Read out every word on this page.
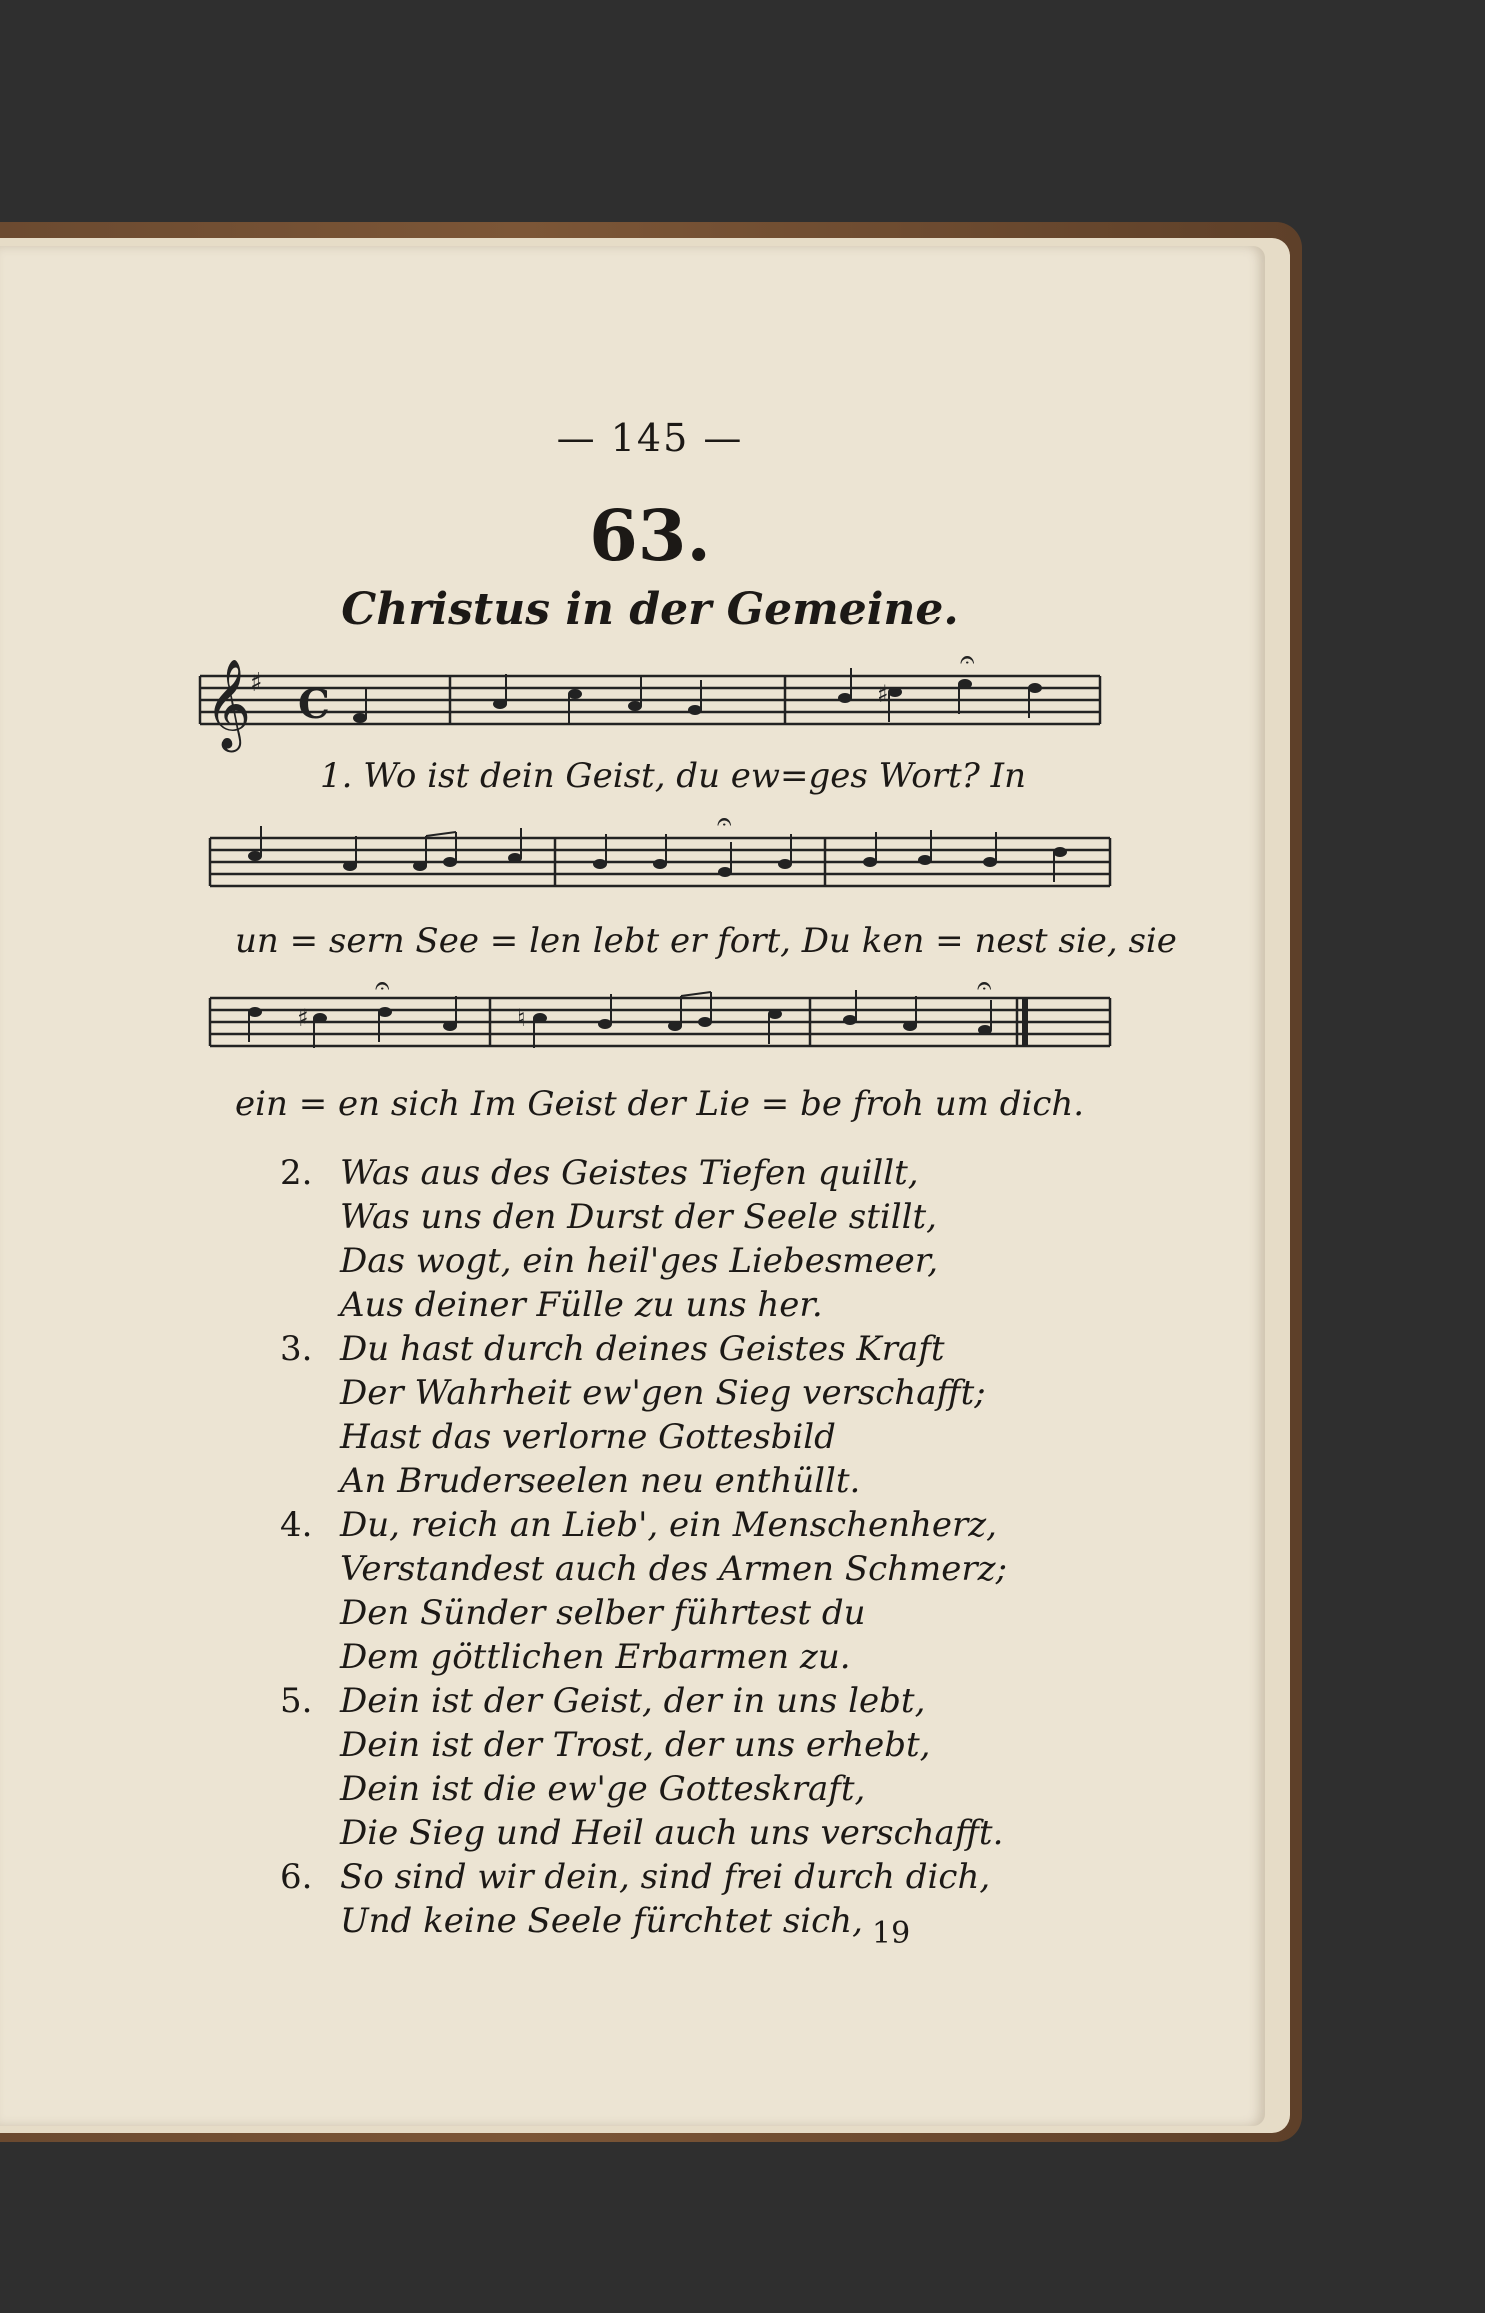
— 145 —
63.
Christus in der Gemeine.
𝄞
♯ C	♯
𝄐
1. Wo ist dein Geist, du ew=ges Wort? In
𝄐
un = sern See = len lebt er fort, Du ken = nest sie, sie
♯	♮
𝄐	𝄐
ein = en sich Im Geist der Lie = be froh um dich.
2. Was aus des Geistes Tiefen quillt,
Was uns den Durst der Seele stillt,
Das wogt, ein heil'ges Liebesmeer,
Aus deiner Fülle zu uns her.
3. Du hast durch deines Geistes Kraft
Der Wahrheit ew'gen Sieg verschafft;
Hast das verlorne Gottesbild
An Bruderseelen neu enthüllt.
4. Du, reich an Lieb', ein Menschenherz,
Verstandest auch des Armen Schmerz;
Den Sünder selber führtest du
Dem göttlichen Erbarmen zu.
5. Dein ist der Geist, der in uns lebt,
Dein ist der Trost, der uns erhebt,
Dein ist die ew'ge Gotteskraft,
Die Sieg und Heil auch uns verschafft.
6. So sind wir dein, sind frei durch dich,
Und keine Seele fürchtet sich, 19
